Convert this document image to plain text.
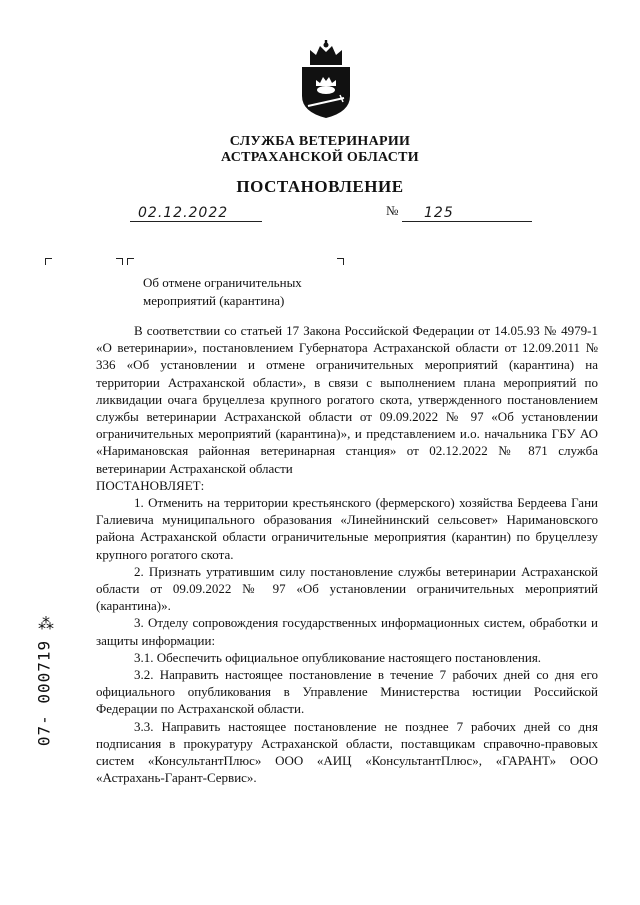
СЛУЖБА ВЕТЕРИНАРИИ
АСТРАХАНСКОЙ ОБЛАСТИ
ПОСТАНОВЛЕНИЕ
02.12.2022	№ 125
Об отмене ограничительных
мероприятий (карантина)

В соответствии со статьей 17 Закона Российской Федерации от 14.05.93 № 4979-1 «О ветеринарии», постановлением Губернатора Астраханской области от 12.09.2011 № 336 «Об установлении и отмене ограничительных мероприятий (карантина) на территории Астраханской области», в связи с выполнением плана мероприятий по ликвидации очага бруцеллеза крупного рогатого скота, утвержденного постановлением службы ветеринарии Астраханской области от 09.09.2022 № 97 «Об установлении ограничительных мероприятий (карантина)», и представлением и.о. начальника ГБУ АО «Наримановская районная ветеринарная станция» от 02.12.2022 № 871 служба ветеринарии Астраханской области

ПОСТАНОВЛЯЕТ:

1. Отменить на территории крестьянского (фермерского) хозяйства Бердеева Гани Галиевича муниципального образования «Линейнинский сельсовет» Наримановского района Астраханской области ограничительные мероприятия (карантин) по бруцеллезу крупного рогатого скота.

2. Признать утратившим силу постановление службы ветеринарии Астраханской области от 09.09.2022 № 97 «Об установлении ограничительных мероприятий (карантина)».

3. Отделу сопровождения государственных информационных систем, обработки и защиты информации:

3.1. Обеспечить официальное опубликование настоящего постановления.

3.2. Направить настоящее постановление в течение 7 рабочих дней со дня его официального опубликования в Управление Министерства юстиции Российской Федерации по Астраханской области.

3.3. Направить настоящее постановление не позднее 7 рабочих дней со дня подписания в прокуратуру Астраханской области, поставщикам справочно-правовых систем «КонсультантПлюс» ООО «АИЦ «КонсультантПлюс», «ГАРАНТ» ООО «Астрахань-Гарант-Сервис».

⁂
07- 000719
